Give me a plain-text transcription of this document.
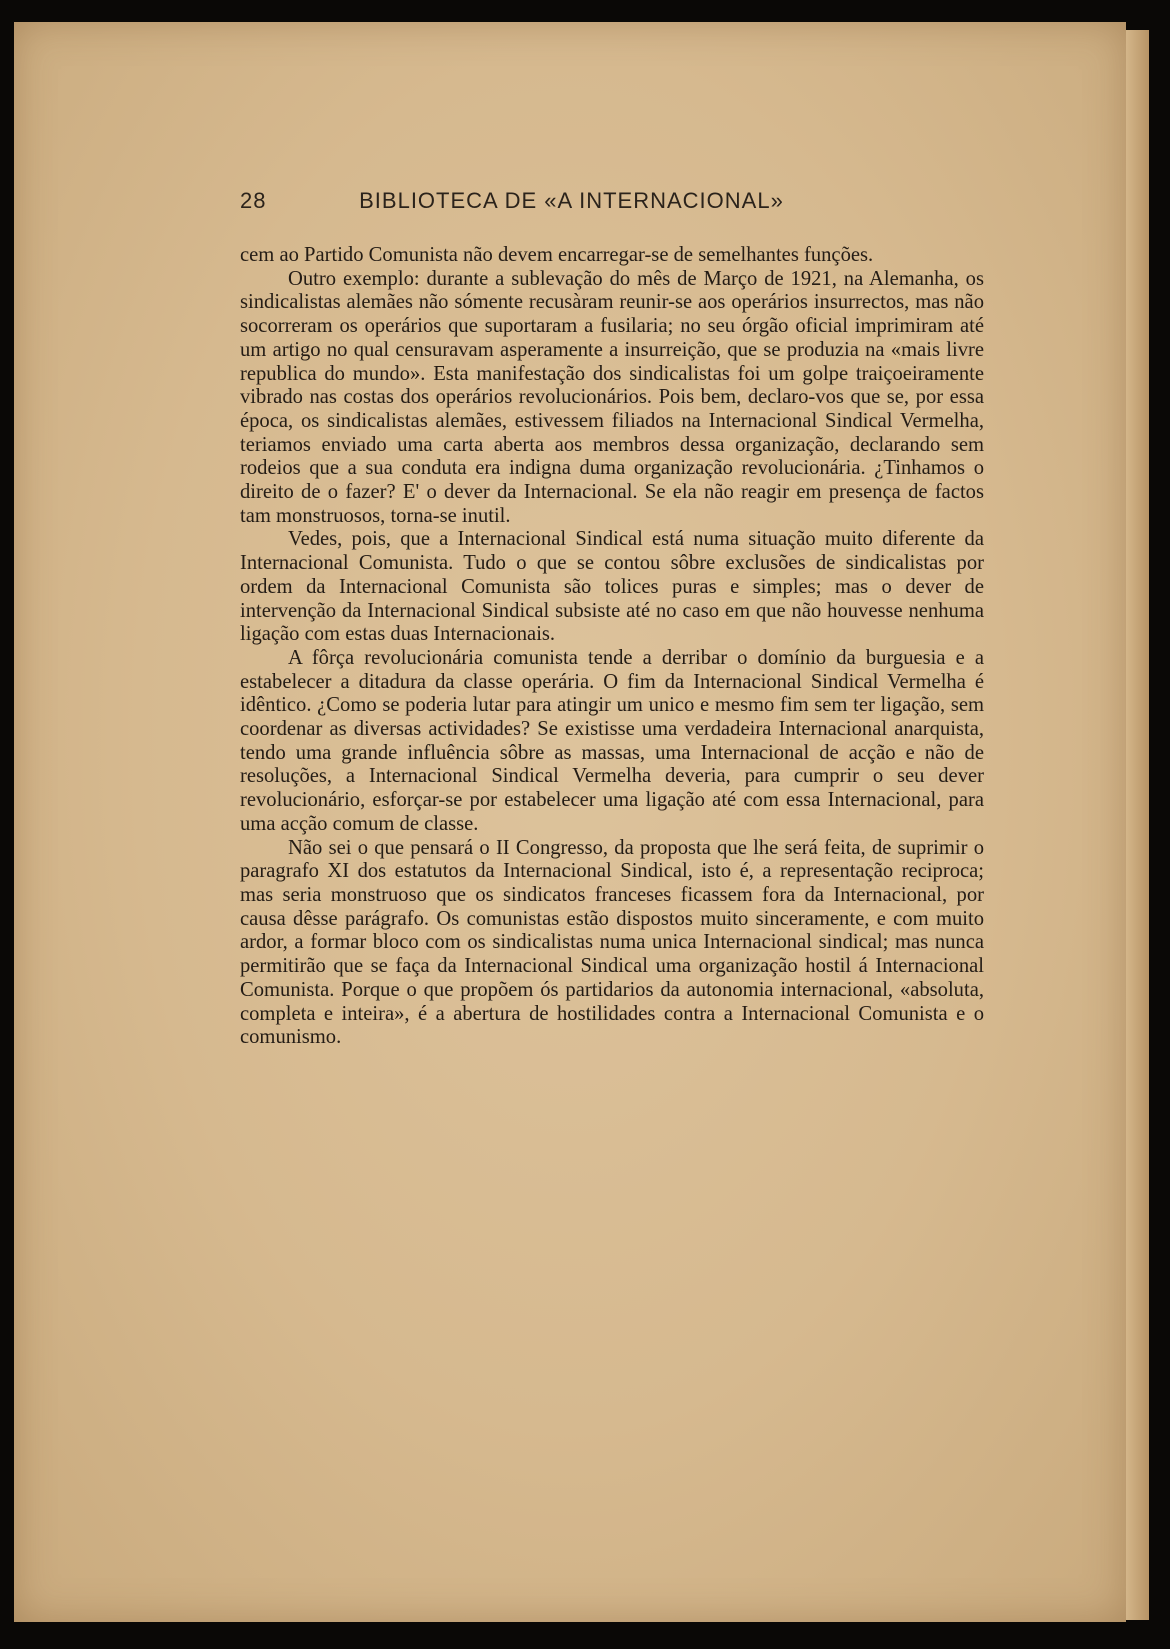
28	BIBLIOTECA DE «A INTERNACIONAL»

cem ao Partido Comunista não devem encarregar-se de semelhantes funções.

Outro exemplo: durante a sublevação do mês de Março de 1921, na Alemanha, os sindicalistas alemães não sómente recusàram reunir-se aos operários insurrectos, mas não socorreram os operários que suportaram a fusilaria; no seu órgão oficial imprimiram até um artigo no qual censuravam asperamente a insurreição, que se produzia na «mais livre republica do mundo». Esta manifestação dos sindicalistas foi um golpe traiçoeiramente vibrado nas costas dos operários revolucionários. Pois bem, declaro-vos que se, por essa época, os sindicalistas alemães, estivessem filiados na Internacional Sindical Vermelha, teriamos enviado uma carta aberta aos membros dessa organização, declarando sem rodeios que a sua conduta era indigna duma organização revolucionária. ¿Tinhamos o direito de o fazer? E' o dever da Internacional. Se ela não reagir em presença de factos tam monstruosos, torna-se inutil.

Vedes, pois, que a Internacional Sindical está numa situação muito diferente da Internacional Comunista. Tudo o que se contou sôbre exclusões de sindicalistas por ordem da Internacional Comunista são tolices puras e simples; mas o dever de intervenção da Internacional Sindical subsiste até no caso em que não houvesse nenhuma ligação com estas duas Internacionais.

A fôrça revolucionária comunista tende a derribar o domínio da burguesia e a estabelecer a ditadura da classe operária. O fim da Internacional Sindical Vermelha é idêntico. ¿Como se poderia lutar para atingir um unico e mesmo fim sem ter ligação, sem coordenar as diversas actividades? Se existisse uma verdadeira Internacional anarquista, tendo uma grande influência sôbre as massas, uma Internacional de acção e não de resoluções, a Internacional Sindical Vermelha deveria, para cumprir o seu dever revolucionário, esforçar-se por estabelecer uma ligação até com essa Internacional, para uma acção comum de classe.

Não sei o que pensará o II Congresso, da proposta que lhe será feita, de suprimir o paragrafo XI dos estatutos da Internacional Sindical, isto é, a representação reciproca; mas seria monstruoso que os sindicatos franceses ficassem fora da Internacional, por causa dêsse parágrafo. Os comunistas estão dispostos muito sinceramente, e com muito ardor, a formar bloco com os sindicalistas numa unica Internacional sindical; mas nunca permitirão que se faça da Internacional Sindical uma organização hostil á Internacional Comunista. Porque o que propõem ós partidarios da autonomia internacional, «absoluta, completa e inteira», é a abertura de hostilidades contra a Internacional Comunista e o comunismo.
